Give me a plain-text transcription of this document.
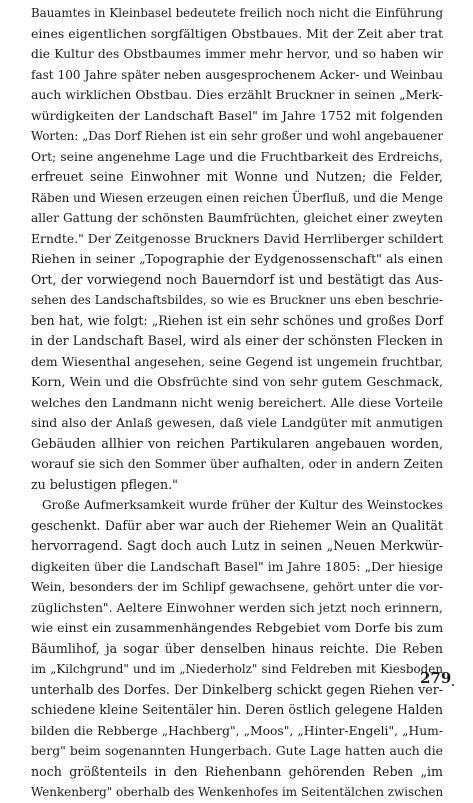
Bauamtes in Kleinbasel bedeutete freilich noch nicht die Einführung
eines eigentlichen sorgfältigen Obstbaues. Mit der Zeit aber trat
die Kultur des Obstbaumes immer mehr hervor, und so haben wir
fast 100 Jahre später neben ausgesprochenem Acker- und Weinbau
auch wirklichen Obstbau. Dies erzählt Bruckner in seinen „Merk-
würdigkeiten der Landschaft Basel" im Jahre 1752 mit folgenden
Worten: „Das Dorf Riehen ist ein sehr großer und wohl angebauener
Ort; seine angenehme Lage und die Fruchtbarkeit des Erdreichs,
erfreuet seine Einwohner mit Wonne und Nutzen; die Felder,
Räben und Wiesen erzeugen einen reichen Überfluß, und die Menge
aller Gattung der schönsten Baumfrüchten, gleichet einer zweyten
Erndte." Der Zeitgenosse Bruckners David Herrliberger schildert
Riehen in seiner „Topographie der Eydgenossenschaft" als einen
Ort, der vorwiegend noch Bauerndorf ist und bestätigt das Aus-
sehen des Landschaftsbildes, so wie es Bruckner uns eben beschrie-
ben hat, wie folgt: „Riehen ist ein sehr schönes und großes Dorf
in der Landschaft Basel, wird als einer der schönsten Flecken in
dem Wiesenthal angesehen, seine Gegend ist ungemein fruchtbar,
Korn, Wein und die Obsfrüchte sind von sehr gutem Geschmack,
welches den Landmann nicht wenig bereichert. Alle diese Vorteile
sind also der Anlaß gewesen, daß viele Landgüter mit anmutigen
Gebäuden allhier von reichen Partikularen angebauen worden,
worauf sie sich den Sommer über aufhalten, oder in andern Zeiten
zu belustigen pflegen."
Große Aufmerksamkeit wurde früher der Kultur des Weinstockes
geschenkt. Dafür aber war auch der Riehemer Wein an Qualität
hervorragend. Sagt doch auch Lutz in seinen „Neuen Merkwür-
digkeiten über die Landschaft Basel" im Jahre 1805: „Der hiesige
Wein, besonders der im Schlipf gewachsene, gehört unter die vor-
züglichsten". Aeltere Einwohner werden sich jetzt noch erinnern,
wie einst ein zusammenhängendes Rebgebiet vom Dorfe bis zum
Bäumlihof, ja sogar über denselben hinaus reichte. Die Reben
im „Kilchgrund" und im „Niederholz" sind Feldreben mit Kiesboden
unterhalb des Dorfes. Der Dinkelberg schickt gegen Riehen ver-
schiedene kleine Seitentäler hin. Deren östlich gelegene Halden
bilden die Rebberge „Hachberg", „Moos", „Hinter-Engeli", „Hum-
berg" beim sogenannten Hungerbach. Gute Lage hatten auch die
noch größtenteils in den Riehenbann gehörenden Reben „im
Wenkenberg" oberhalb des Wenkenhofes im Seitentälchen zwischen
279
